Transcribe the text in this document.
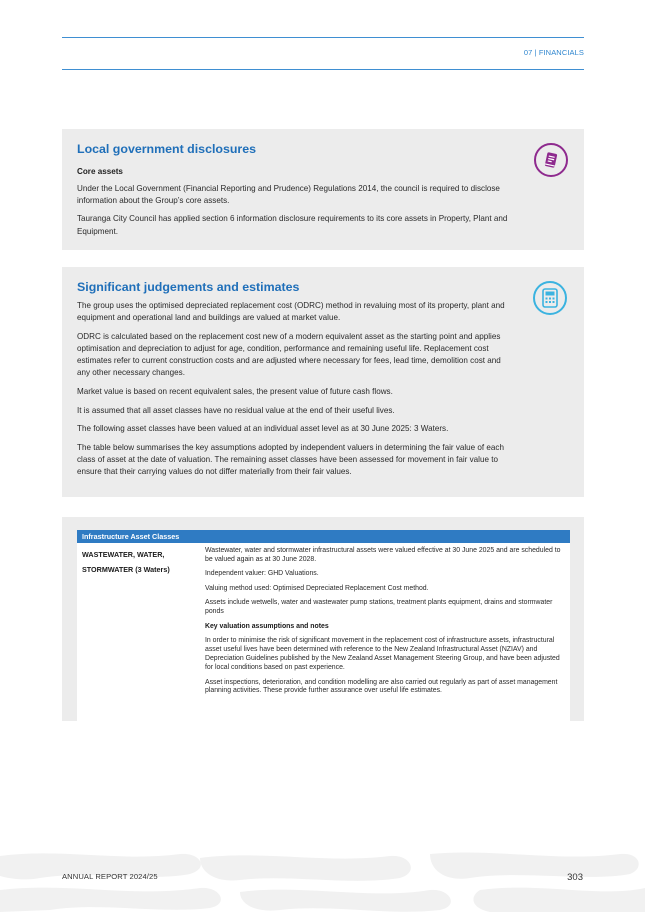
07 | FINANCIALS
Local government disclosures

Core assets

Under the Local Government (Financial Reporting and Prudence) Regulations 2014, the council is required to disclose information about the Group’s core assets.

Tauranga City Council has applied section 6 information disclosure requirements to its core assets in Property, Plant and Equipment.

Significant judgements and estimates

The group uses the optimised depreciated replacement cost (ODRC) method in revaluing most of its property, plant and equipment and operational land and buildings are valued at market value.

ODRC is calculated based on the replacement cost new of a modern equivalent asset as the starting point and applies optimisation and depreciation to adjust for age, condition, performance and remaining useful life. Replacement cost estimates refer to current construction costs and are adjusted where necessary for fees, lead time, demolition cost and any other necessary changes.

Market value is based on recent equivalent sales, the present value of future cash flows.

It is assumed that all asset classes have no residual value at the end of their useful lives.

The following asset classes have been valued at an individual asset level as at 30 June 2025: 3 Waters.

The table below summarises the key assumptions adopted by independent valuers in determining the fair value of each class of asset at the date of valuation. The remaining asset classes have been assessed for movement in fair value to ensure that their carrying values do not differ materially from their fair values.

Infrastructure Asset Classes
WASTEWATER, WATER, STORMWATER (3 Waters)

Wastewater, water and stormwater infrastructural assets were valued effective at 30 June 2025 and are scheduled to be valued again as at 30 June 2028.

Independent valuer: GHD Valuations.

Valuing method used: Optimised Depreciated Replacement Cost method.

Assets include wetwells, water and wastewater pump stations, treatment plants equipment, drains and stormwater ponds

Key valuation assumptions and notes

In order to minimise the risk of significant movement in the replacement cost of infrastructure assets, infrastructural asset useful lives have been determined with reference to the New Zealand Infrastructural Asset (NZIAV) and Depreciation Guidelines published by the New Zealand Asset Management Steering Group, and have been adjusted for local conditions based on past experience.

Asset inspections, deterioration, and condition modelling are also carried out regularly as part of asset management planning activities. These provide further assurance over useful life estimates.

ANNUAL REPORT 2024/25	303
